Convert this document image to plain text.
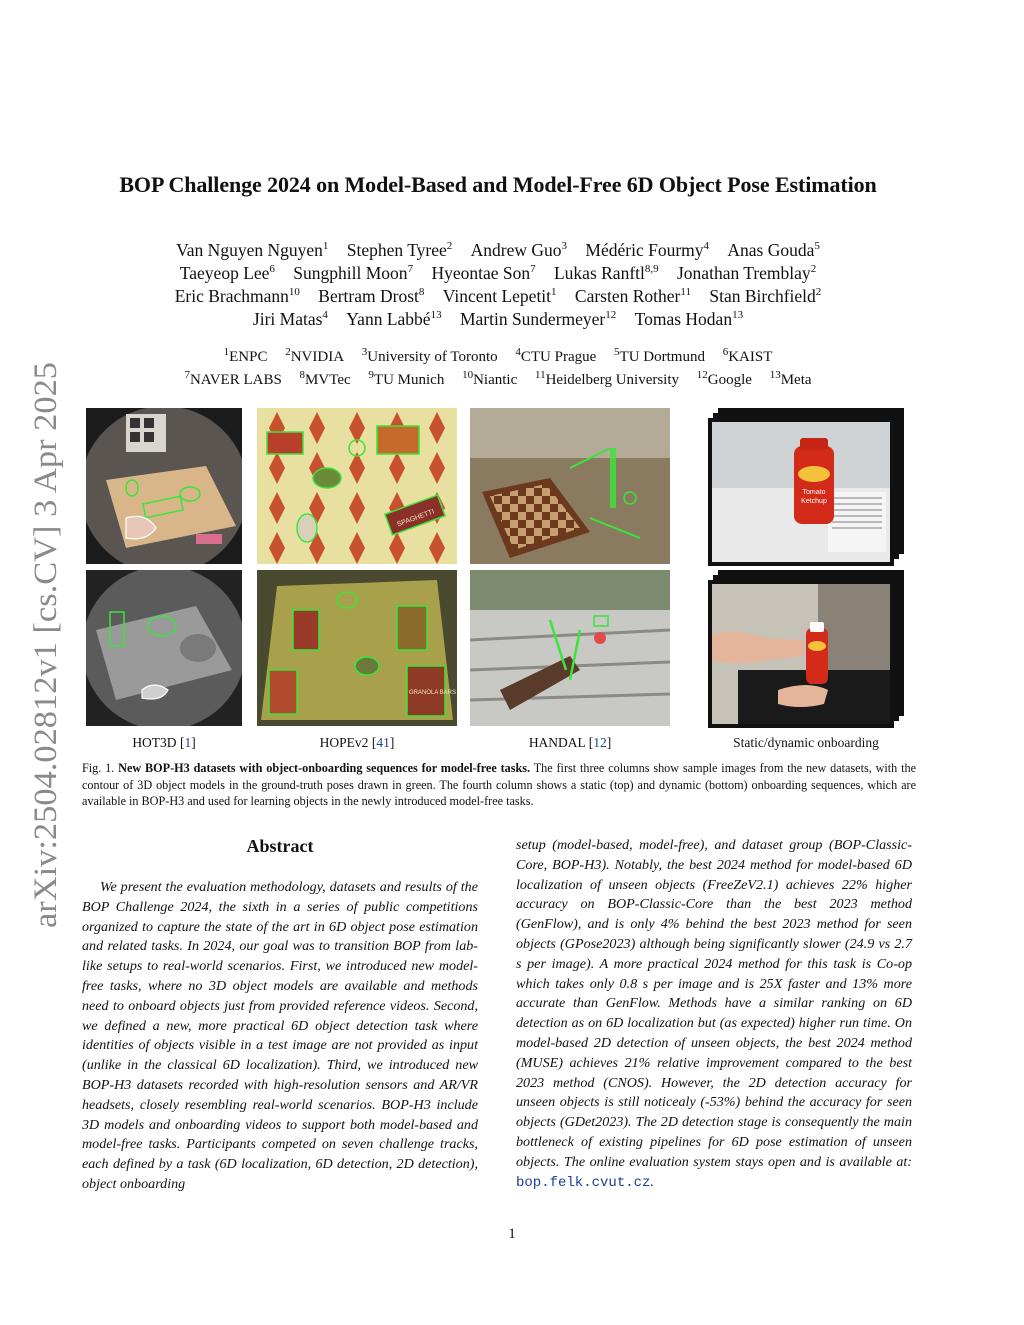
arXiv:2504.02812v1 [cs.CV] 3 Apr 2025
BOP Challenge 2024 on Model-Based and Model-Free 6D Object Pose Estimation
Van Nguyen Nguyen$^1$ Stephen Tyree$^2$ Andrew Guo$^3$ Médéric Fourmy$^4$ Anas Gouda$^5$
Taeyeop Lee$^6$ Sungphill Moon$^7$ Hyeontae Son$^7$ Lukas Ranftl$^{8,9}$ Jonathan Tremblay$^2$
Eric Brachmann$^{10}$ Bertram Drost$^8$ Vincent Lepetit$^1$ Carsten Rother$^{11}$ Stan Birchfield$^2$
Jiri Matas$^4$ Yann Labbé$^{13}$ Martin Sundermeyer$^{12}$ Tomas Hodan$^{13}$
$^1$ENPC $^2$NVIDIA $^3$University of Toronto $^4$CTU Prague $^5$TU Dortmund $^6$KAIST
$^7$NAVER LABS $^8$MVTec $^9$TU Munich $^{10}$Niantic $^{11}$Heidelberg University $^{12}$Google $^{13}$Meta
SPAGHETTI
GRANOLA BARS
Tomato
Ketchup
HOT3D [1]	HOPEv2 [41]	HANDAL [12]	Static/dynamic onboarding

Fig. 1. New BOP-H3 datasets with object-onboarding sequences for model-free tasks. The first three columns show sample images from the new datasets, with the contour of 3D object models in the ground-truth poses drawn in green. The fourth column shows a static (top) and dynamic (bottom) onboarding sequences, which are available in BOP-H3 and used for learning objects in the newly introduced model-free tasks.

Abstract
We present the evaluation methodology, datasets and results of the BOP Challenge 2024, the sixth in a series of public competitions organized to capture the state of the art in 6D object pose estimation and related tasks. In 2024, our goal was to transition BOP from lab-like setups to real-world scenarios. First, we introduced new model-free tasks, where no 3D object models are available and methods need to onboard objects just from provided reference videos. Second, we defined a new, more practical 6D object detection task where identities of objects visible in a test image are not provided as input (unlike in the classical 6D localization). Third, we introduced new BOP-H3 datasets recorded with high-resolution sensors and AR/VR headsets, closely resembling real-world scenarios. BOP-H3 include 3D models and onboarding videos to support both model-based and model-free tasks. Participants competed on seven challenge tracks, each defined by a task (6D localization, 6D detection, 2D detection), object onboarding
setup (model-based, model-free), and dataset group (BOP-Classic-Core, BOP-H3). Notably, the best 2024 method for model-based 6D localization of unseen objects (FreeZeV2.1) achieves 22% higher accuracy on BOP-Classic-Core than the best 2023 method (GenFlow), and is only 4% behind the best 2023 method for seen objects (GPose2023) although being significantly slower (24.9 vs 2.7 s per image). A more practical 2024 method for this task is Co-op which takes only 0.8 s per image and is 25X faster and 13% more accurate than GenFlow. Methods have a similar ranking on 6D detection as on 6D localization but (as expected) higher run time. On model-based 2D detection of unseen objects, the best 2024 method (MUSE) achieves 21% relative improvement compared to the best 2023 method (CNOS). However, the 2D detection accuracy for unseen objects is still noticealy (-53%) behind the accuracy for seen objects (GDet2023). The 2D detection stage is consequently the main bottleneck of existing pipelines for 6D pose estimation of unseen objects. The online evaluation system stays open and is available at: bop.felk.cvut.cz.
1
